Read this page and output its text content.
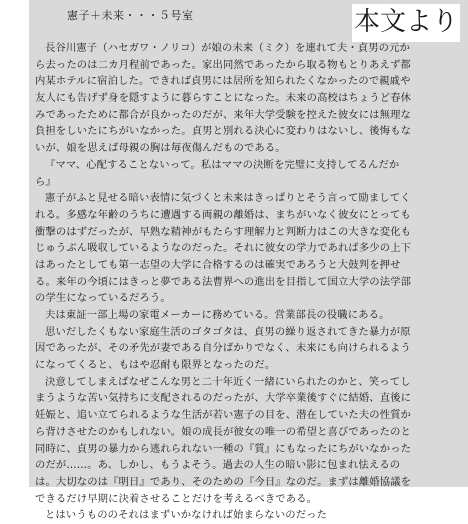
憲子＋未来・・・５号室	本文より
長谷川憲子（ハセガワ・ノリコ）が娘の未来（ミク）を連れて夫・貞男の元か
ら去ったのは二カ月程前であった。家出同然であったから取る物もとりあえず都
内某ホテルに宿泊した。できれば貞男には居所を知られたくなかったので親戚や
友人にも告げず身を隠すように暮らすことになった。未来の高校はちょうど春休
みであったために都合が良かったのだが、来年大学受験を控えた彼女には無理な
負担をしいたにちがいなかった。貞男と別れる決心に変わりはないし、後悔もな
いが、娘を思えば母親の胸は毎夜傷んだものである。
『ママ、心配することないって。私はママの決断を完璧に支持してるんだか
ら』
憲子がふと見せる暗い表情に気づくと未来はきっぱりとそう言って励ましてく
れる。多感な年齢のうちに遭遇する両親の離婚は、まちがいなく彼女にとっても
衝撃のはずだったが、早熟な精神がもたらす理解力と判断力はこの大きな変化も
じゅうぶん吸収しているようなのだった。それに彼女の学力であれば多少の上下
はあったとしても第一志望の大学に合格するのは確実であろうと大鼓判を押せ
る。来年の今頃にはきっと夢である法曹界への進出を目指して国立大学の法学部
の学生になっているだろう。
夫は東証一部上場の家電メーカーに務めている。営業部長の役職にある。
思いだしたくもない家庭生活のゴタゴタは、貞男の繰り返されてきた暴力が原
因であったが、その矛先が妻である自分ばかりでなく、未来にも向けられるよう
になってくると、もはや忍耐も限界となったのだ。
決意してしまえばなぜこんな男と二十年近く一緒にいられたのかと、笑ってし
まうような苦い気持ちに支配されるのだったが、大学卒業後すぐに結婚、直後に
妊娠と、追い立てられるような生活が若い憲子の目を、潜在していた夫の性質か
ら背けさせたのかもしれない。娘の成長が彼女の唯一の希望と喜びであったのと
同時に、貞男の暴力から逃れられない一種の『質』にもなったにちがいなかった
のだが……。あ、しかし、もうよそう。過去の人生の暗い影に包まれ怯えるの
は。大切なのは『明日』であり、そのための『今日』なのだ。まずは離婚協議を
できるだけ早期に決着させることだけを考えるべきである。
とはいうもののそれはまずいかなければ始まらないのだった
